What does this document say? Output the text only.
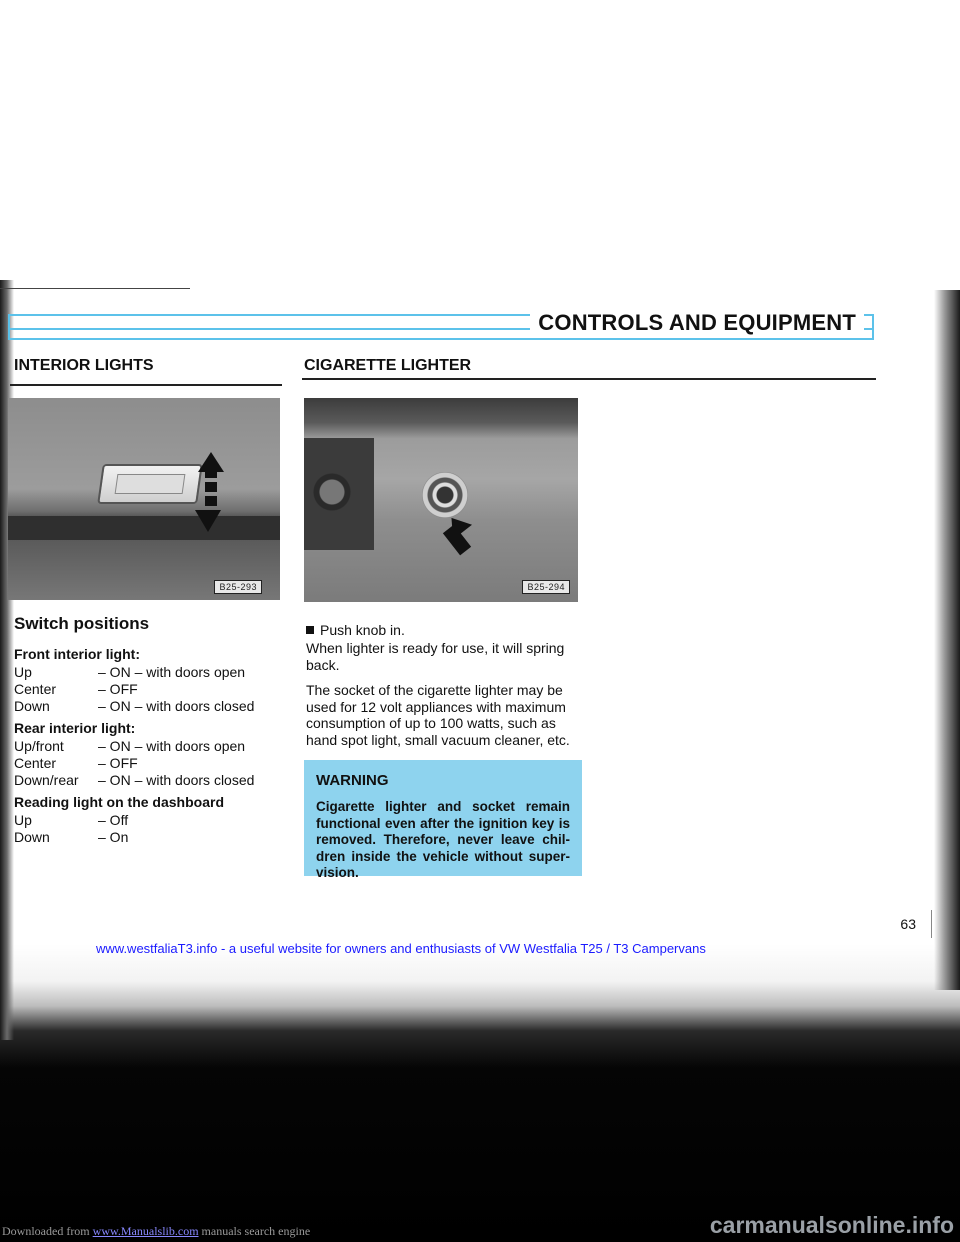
CONTROLS AND EQUIPMENT
INTERIOR LIGHTS
B25-293
Switch positions
Front interior light:
Up	– ON – with doors open
Center	– OFF
Down	– ON – with doors closed
Rear interior light:
Up/front – ON – with doors open
Center	– OFF
Down/rear – ON – with doors closed
Reading light on the dashboard
Up	– Off
Down	– On
CIGARETTE LIGHTER
B25-294
Push knob in.
When lighter is ready for use, it will spring back.
The socket of the cigarette lighter may be used for 12 volt appliances with maximum consumption of up to 100 watts, such as hand spot light, small vacuum cleaner, etc.
WARNING
Cigarette lighter and socket remain functional even after the ignition key is removed. Therefore, never leave chil- dren inside the vehicle without super- vision.
63
www.westfaliaT3.info - a useful website for owners and enthusiasts of VW Westfalia T25 / T3 Campervans
Downloaded from www.Manualslib.com manuals search engine	carmanualsonline.info
